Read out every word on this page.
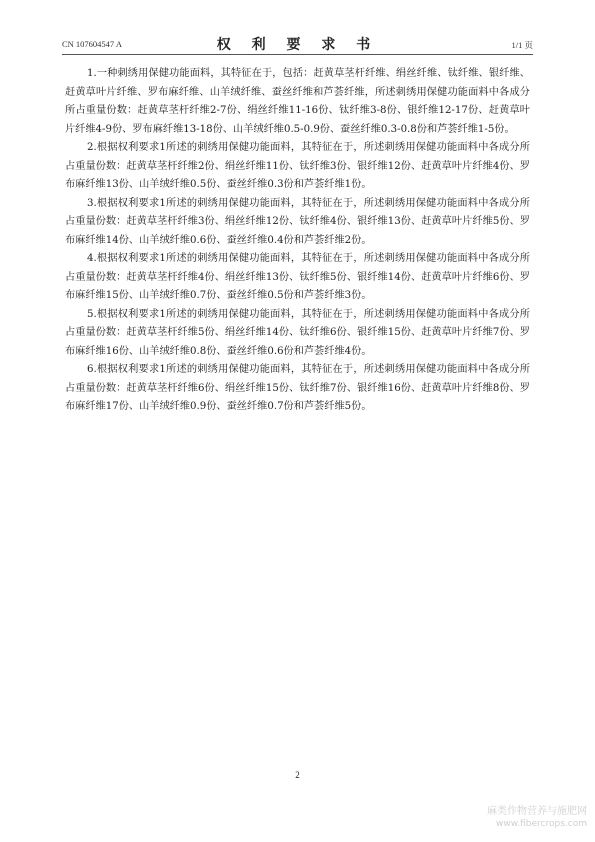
CN 107604547 A	权 利 要 求 书	1/1 页

1.一种刺绣用保健功能面料，其特征在于，包括：赶黄草茎杆纤维、绢丝纤维、钛纤维、银纤维、赶黄草叶片纤维、罗布麻纤维、山羊绒纤维、蚕丝纤维和芦荟纤维，所述刺绣用保健功能面料中各成分所占重量份数：赶黄草茎杆纤维2-7份、绢丝纤维11-16份、钛纤维3-8份、银纤维12-17份、赶黄草叶片纤维4-9份、罗布麻纤维13-18份、山羊绒纤维0.5-0.9份、蚕丝纤维0.3-0.8份和芦荟纤维1-5份。

2.根据权利要求1所述的刺绣用保健功能面料，其特征在于，所述刺绣用保健功能面料中各成分所占重量份数：赶黄草茎杆纤维2份、绢丝纤维11份、钛纤维3份、银纤维12份、赶黄草叶片纤维4份、罗布麻纤维13份、山羊绒纤维0.5份、蚕丝纤维0.3份和芦荟纤维1份。

3.根据权利要求1所述的刺绣用保健功能面料，其特征在于，所述刺绣用保健功能面料中各成分所占重量份数：赶黄草茎杆纤维3份、绢丝纤维12份、钛纤维4份、银纤维13份、赶黄草叶片纤维5份、罗布麻纤维14份、山羊绒纤维0.6份、蚕丝纤维0.4份和芦荟纤维2份。

4.根据权利要求1所述的刺绣用保健功能面料，其特征在于，所述刺绣用保健功能面料中各成分所占重量份数：赶黄草茎杆纤维4份、绢丝纤维13份、钛纤维5份、银纤维14份、赶黄草叶片纤维6份、罗布麻纤维15份、山羊绒纤维0.7份、蚕丝纤维0.5份和芦荟纤维3份。

5.根据权利要求1所述的刺绣用保健功能面料，其特征在于，所述刺绣用保健功能面料中各成分所占重量份数：赶黄草茎杆纤维5份、绢丝纤维14份、钛纤维6份、银纤维15份、赶黄草叶片纤维7份、罗布麻纤维16份、山羊绒纤维0.8份、蚕丝纤维0.6份和芦荟纤维4份。

6.根据权利要求1所述的刺绣用保健功能面料，其特征在于，所述刺绣用保健功能面料中各成分所占重量份数：赶黄草茎杆纤维6份、绢丝纤维15份、钛纤维7份、银纤维16份、赶黄草叶片纤维8份、罗布麻纤维17份、山羊绒纤维0.9份、蚕丝纤维0.7份和芦荟纤维5份。

2
麻类作物营养与施肥网
www.fibercrops.com
